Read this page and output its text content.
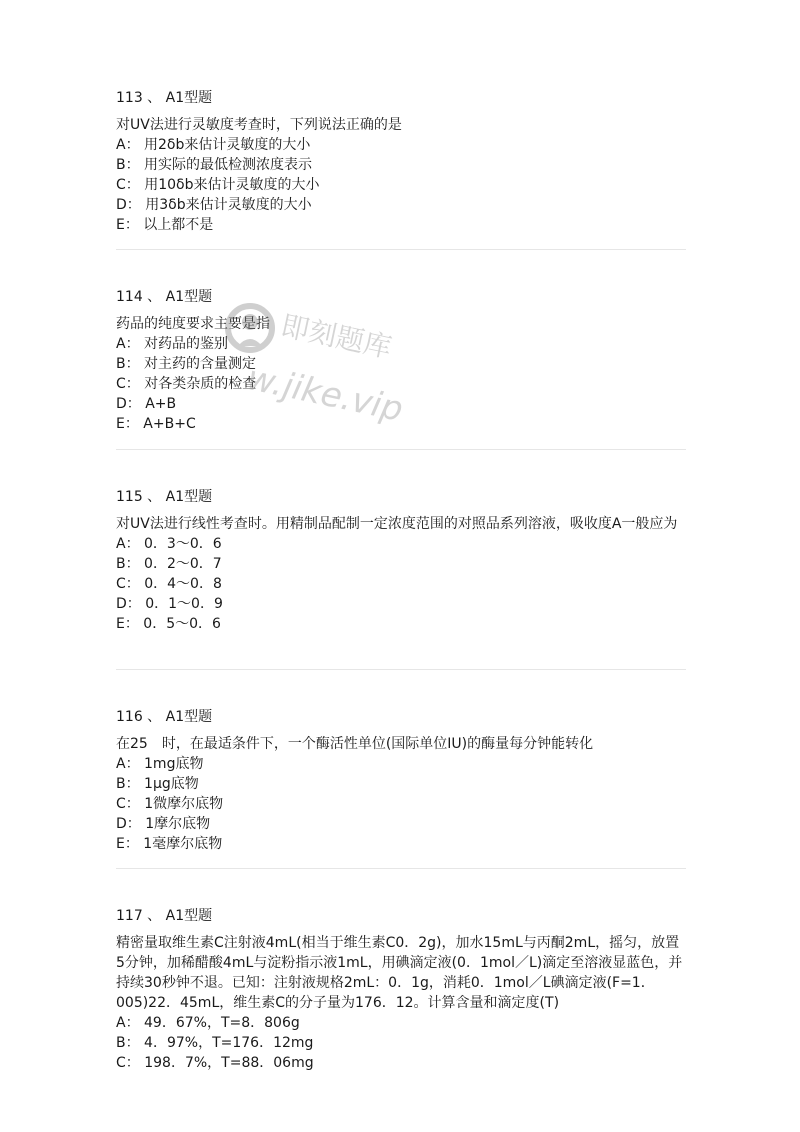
113 、 A1型题

对UV法进行灵敏度考查时，下列说法正确的是

A： 用2δb来估计灵敏度的大小

B： 用实际的最低检测浓度表示

C： 用10δb来估计灵敏度的大小

D： 用3δb来估计灵敏度的大小

E： 以上都不是

114 、 A1型题

药品的纯度要求主要是指

A： 对药品的鉴别

B： 对主药的含量测定

C： 对各类杂质的检查

D： A+B

E： A+B+C

115 、 A1型题

对UV法进行线性考查时。用精制品配制一定浓度范围的对照品系列溶液，吸收度A一般应为

A： 0．3～0．6

B： 0．2～0．7

C： 0．4～0．8

D： 0．1～0．9

E： 0．5～0．6

116 、 A1型题

在25　时，在最适条件下，一个酶活性单位(国际单位IU)的酶量每分钟能转化

A： 1mg底物

B： 1μg底物

C： 1微摩尔底物

D： 1摩尔底物

E： 1毫摩尔底物

117 、 A1型题

精密量取维生素C注射液4mL(相当于维生素C0．2g)，加水15mL与丙酮2mL，摇匀，放置5分钟，加稀醋酸4mL与淀粉指示液1mL，用碘滴定液(0．1mol／L)滴定至溶液显蓝色，并持续30秒钟不退。已知：注射液规格2mL：0．1g，消耗0．1mol／L碘滴定液(F=1．005)22．45mL，维生素C的分子量为176．12。计算含量和滴定度(T)

A： 49．67%，T=8．806g

B： 4．97%，T=176．12mg

C： 198．7%，T=88．06mg

即刻题库
w.jike.vip
